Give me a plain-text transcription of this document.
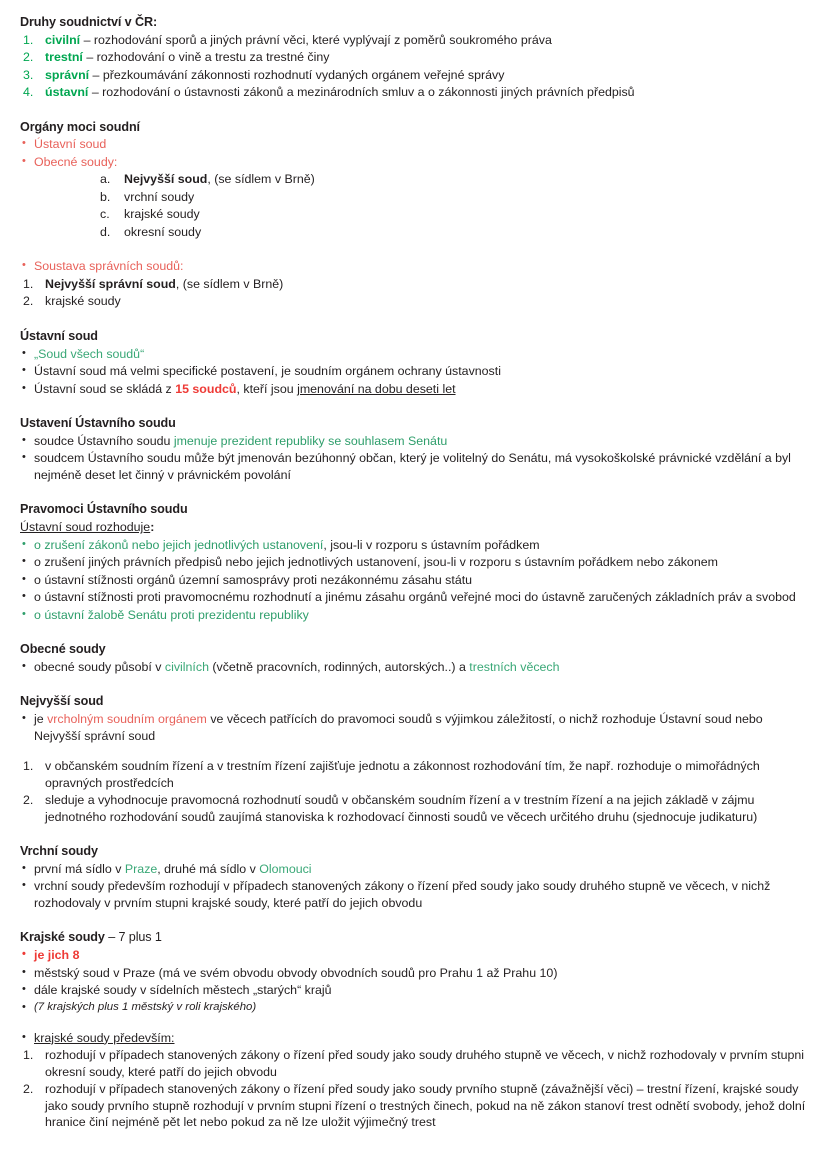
Druhy soudnictví v ČR:
1. civilní – rozhodování sporů a jiných právní věci, které vyplývají z poměrů soukromého práva
2. trestní – rozhodování o vině a trestu za trestné činy
3. správní – přezkoumávání zákonnosti rozhodnutí vydaných orgánem veřejné správy
4. ústavní – rozhodování o ústavnosti zákonů a mezinárodních smluv a o zákonnosti jiných právních předpisů
Orgány moci soudní
• Ústavní soud
• Obecné soudy:
a.	Nejvyšší soud, (se sídlem v Brně)
b.	vrchní soudy
c.	krajské soudy
d.	okresní soudy
• Soustava správních soudů:
1. Nejvyšší správní soud, (se sídlem v Brně)
2. krajské soudy
Ústavní soud
• „Soud všech soudů“
• Ústavní soud má velmi specifické postavení, je soudním orgánem ochrany ústavnosti
• Ústavní soud se skládá z 15 soudců, kteří jsou jmenování na dobu deseti let
Ustavení Ústavního soudu
• soudce Ústavního soudu jmenuje prezident republiky se souhlasem Senátu
• soudcem Ústavního soudu může být jmenován bezúhonný občan, který je volitelný do Senátu, má vysokoškolské právnické vzdělání a byl nejméně deset let činný v právnickém povolání
Pravomoci Ústavního soudu
Ústavní soud rozhoduje:
• o zrušení zákonů nebo jejich jednotlivých ustanovení, jsou-li v rozporu s ústavním pořádkem
• o zrušení jiných právních předpisů nebo jejich jednotlivých ustanovení, jsou-li v rozporu s ústavním pořádkem nebo zákonem
• o ústavní stížnosti orgánů územní samosprávy proti nezákonnému zásahu státu
• o ústavní stížnosti proti pravomocnému rozhodnutí a jinému zásahu orgánů veřejné moci do ústavně zaručených základních práv a svobod
• o ústavní žalobě Senátu proti prezidentu republiky
Obecné soudy
• obecné soudy působí v civilních (včetně pracovních, rodinných, autorských..) a trestních věcech
Nejvyšší soud
• je vrcholným soudním orgánem ve věcech patřících do pravomoci soudů s výjimkou záležitostí, o nichž rozhoduje Ústavní soud nebo Nejvyšší správní soud
1. v občanském soudním řízení a v trestním řízení zajišťuje jednotu a zákonnost rozhodování tím, že např. rozhoduje o mimořádných opravných prostředcích
2. sleduje a vyhodnocuje pravomocná rozhodnutí soudů v občanském soudním řízení a v trestním řízení a na jejich základě v zájmu jednotného rozhodování soudů zaujímá stanoviska k rozhodovací činnosti soudů ve věcech určitého druhu (sjednocuje judikaturu)
Vrchní soudy
• první má sídlo v Praze, druhé má sídlo v Olomouci
• vrchní soudy především rozhodují v případech stanovených zákony o řízení před soudy jako soudy druhého stupně ve věcech, v nichž rozhodovaly v prvním stupni krajské soudy, které patří do jejich obvodu
Krajské soudy – 7 plus 1
• je jich 8
• městský soud v Praze (má ve svém obvodu obvody obvodních soudů pro Prahu 1 až Prahu 10)
• dále krajské soudy v sídelních městech „starých“ krajů
• (7 krajských plus 1 městský v roli krajského)
• krajské soudy především:
1. rozhodují v případech stanovených zákony o řízení před soudy jako soudy druhého stupně ve věcech, v nichž rozhodovaly v prvním stupni okresní soudy, které patří do jejich obvodu
2. rozhodují v případech stanovených zákony o řízení před soudy jako soudy prvního stupně (závažnější věci) – trestní řízení, krajské soudy jako soudy prvního stupně rozhodují v prvním stupni řízení o trestných činech, pokud na ně zákon stanoví trest odnětí svobody, jehož dolní hranice činí nejméně pět let nebo pokud za ně lze uložit výjimečný trest
